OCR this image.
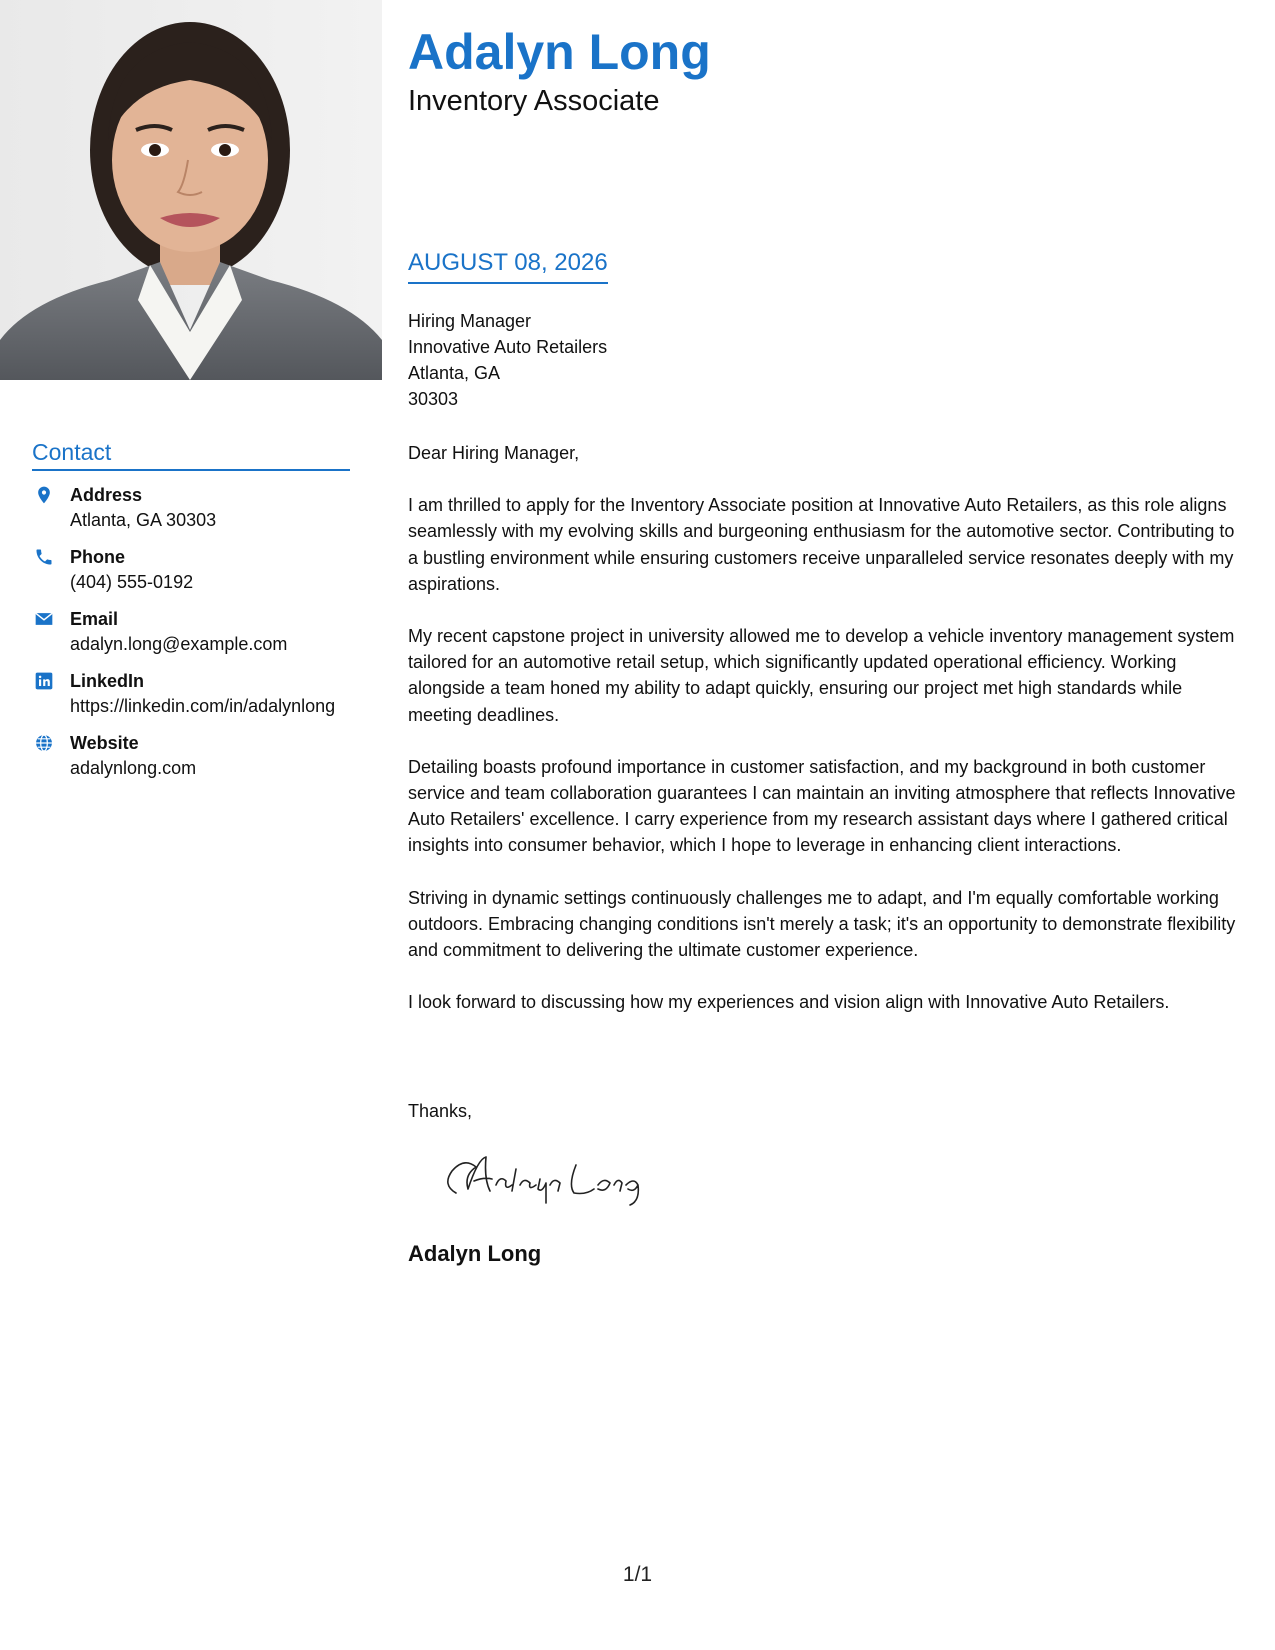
Contact
Address
Atlanta, GA 30303
Phone
(404) 555-0192
Email
adalyn.long@example.com
LinkedIn
https://linkedin.com/in/adalynlong
Website
adalynlong.com
Adalyn Long
Inventory Associate
AUGUST 08, 2026
Hiring Manager
Innovative Auto Retailers
Atlanta, GA
30303

Dear Hiring Manager,

I am thrilled to apply for the Inventory Associate position at Innovative Auto Retailers, as this role aligns seamlessly with my evolving skills and burgeoning enthusiasm for the automotive sector. Contributing to a bustling environment while ensuring customers receive unparalleled service resonates deeply with my aspirations.

My recent capstone project in university allowed me to develop a vehicle inventory management system tailored for an automotive retail setup, which significantly updated operational efficiency. Working alongside a team honed my ability to adapt quickly, ensuring our project met high standards while meeting deadlines.

Detailing boasts profound importance in customer satisfaction, and my background in both customer service and team collaboration guarantees I can maintain an inviting atmosphere that reflects Innovative Auto Retailers' excellence. I carry experience from my research assistant days where I gathered critical insights into consumer behavior, which I hope to leverage in enhancing client interactions.

Striving in dynamic settings continuously challenges me to adapt, and I'm equally comfortable working outdoors. Embracing changing conditions isn't merely a task; it's an opportunity to demonstrate flexibility and commitment to delivering the ultimate customer experience.

I look forward to discussing how my experiences and vision align with Innovative Auto Retailers.

Thanks,
Adalyn Long
1/1
